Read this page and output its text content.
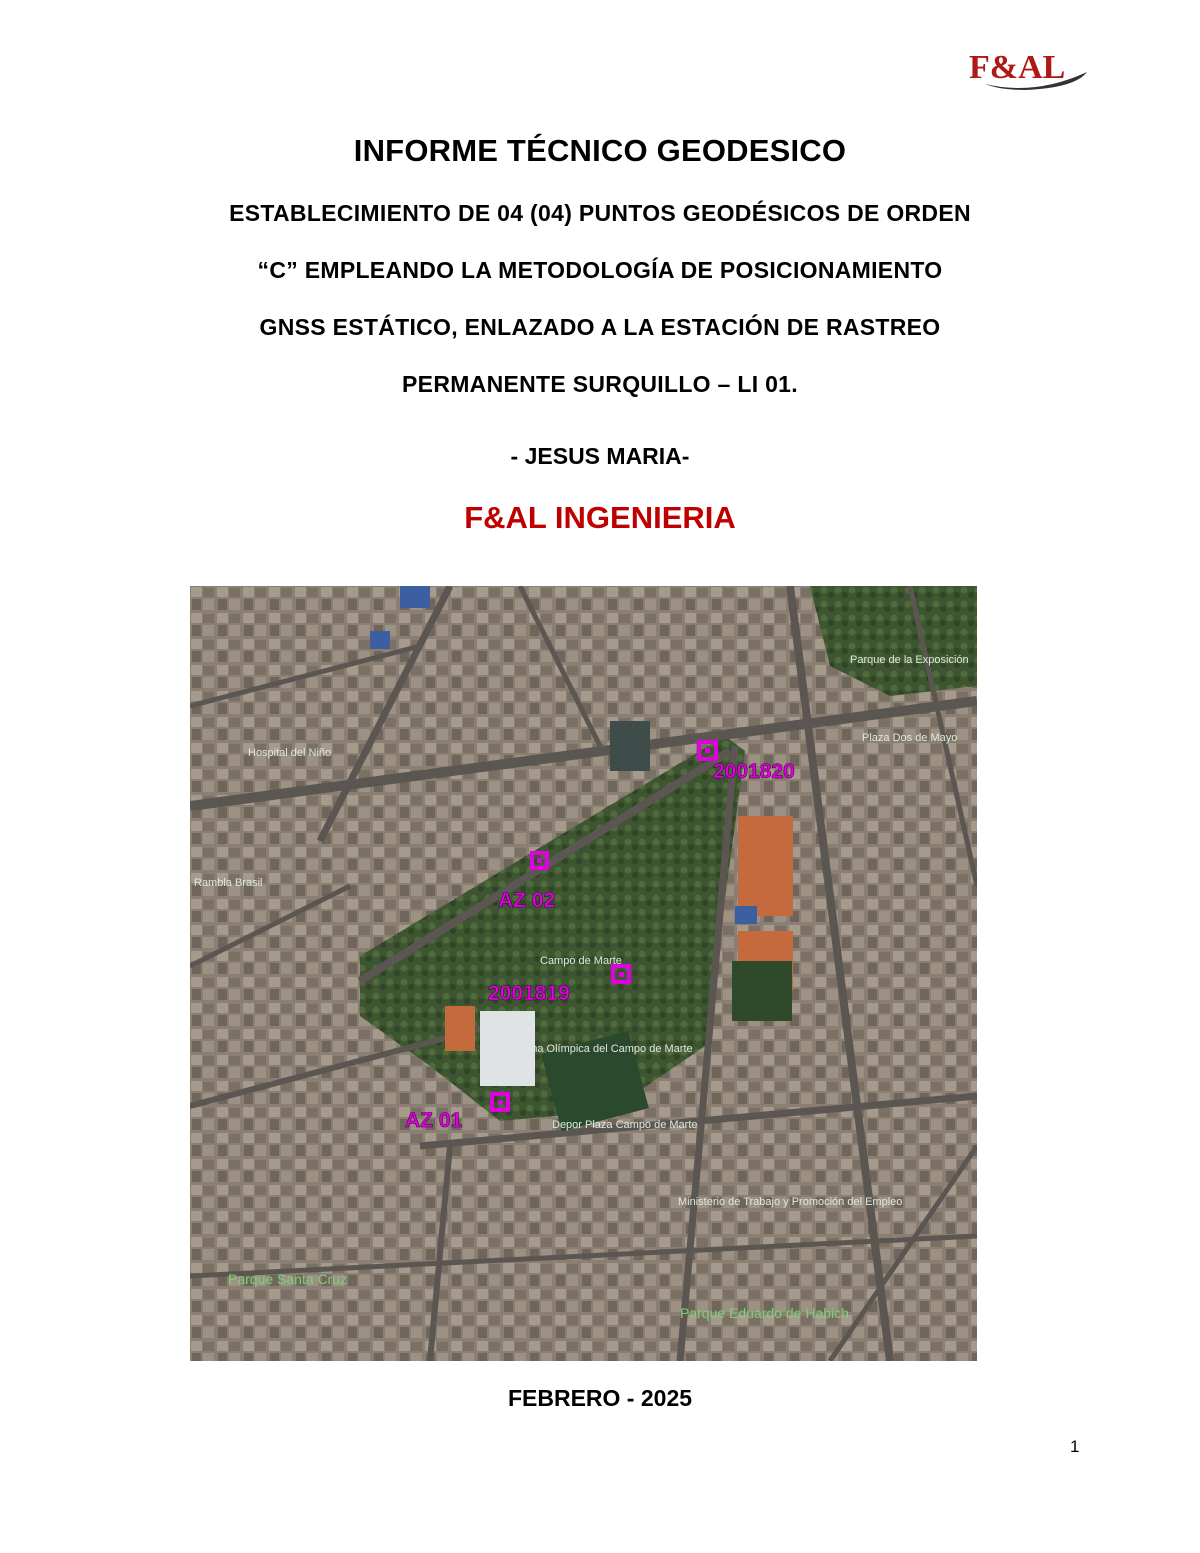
F&AL
INFORME TÉCNICO GEODESICO
ESTABLECIMIENTO DE 04 (04) PUNTOS GEODÉSICOS DE ORDEN
“C” EMPLEANDO LA METODOLOGÍA DE POSICIONAMIENTO
GNSS ESTÁTICO, ENLAZADO A LA ESTACIÓN DE RASTREO
PERMANENTE SURQUILLO – LI 01.
- JESUS MARIA-
F&AL INGENIERIA
Parque de la Exposición
Plaza Dos de Mayo
Hospital del Niño
Campo de Marte
Piscina Olímpica del Campo de Marte
Depor Plaza Campo de Marte
Ministerio de Trabajo y Promoción del Empleo
Rambla Brasil
Parque Santa Cruz
Parque Eduardo de Habich
2001820
AZ 02
2001819
AZ 01
FEBRERO - 2025
1
